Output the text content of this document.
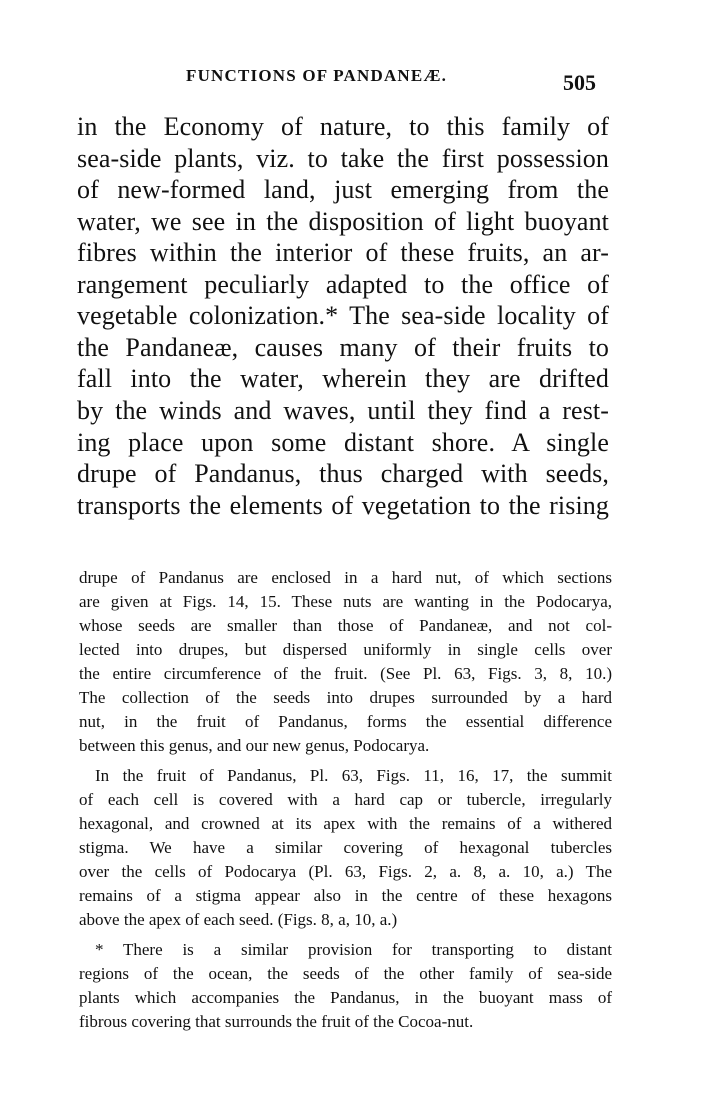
FUNCTIONS OF PANDANEÆ.	505
in the Economy of nature, to this family of
sea-side plants, viz. to take the first possession
of new-formed land, just emerging from the
water, we see in the disposition of light buoyant
fibres within the interior of these fruits, an ar-
rangement peculiarly adapted to the office of
vegetable colonization.* The sea-side locality of
the Pandaneæ, causes many of their fruits to
fall into the water, wherein they are drifted
by the winds and waves, until they find a rest-
ing place upon some distant shore. A single
drupe of Pandanus, thus charged with seeds,
transports the elements of vegetation to the rising
drupe of Pandanus are enclosed in a hard nut, of which sections
are given at Figs. 14, 15. These nuts are wanting in the Podocarya,
whose seeds are smaller than those of Pandaneæ, and not col-
lected into drupes, but dispersed uniformly in single cells over
the entire circumference of the fruit. (See Pl. 63, Figs. 3, 8, 10.)
The collection of the seeds into drupes surrounded by a hard
nut, in the fruit of Pandanus, forms the essential difference
between this genus, and our new genus, Podocarya.
In the fruit of Pandanus, Pl. 63, Figs. 11, 16, 17, the summit
of each cell is covered with a hard cap or tubercle, irregularly
hexagonal, and crowned at its apex with the remains of a withered
stigma. We have a similar covering of hexagonal tubercles
over the cells of Podocarya (Pl. 63, Figs. 2, a. 8, a. 10, a.) The
remains of a stigma appear also in the centre of these hexagons
above the apex of each seed. (Figs. 8, a, 10, a.)
* There is a similar provision for transporting to distant
regions of the ocean, the seeds of the other family of sea-side
plants which accompanies the Pandanus, in the buoyant mass of
fibrous covering that surrounds the fruit of the Cocoa-nut.
